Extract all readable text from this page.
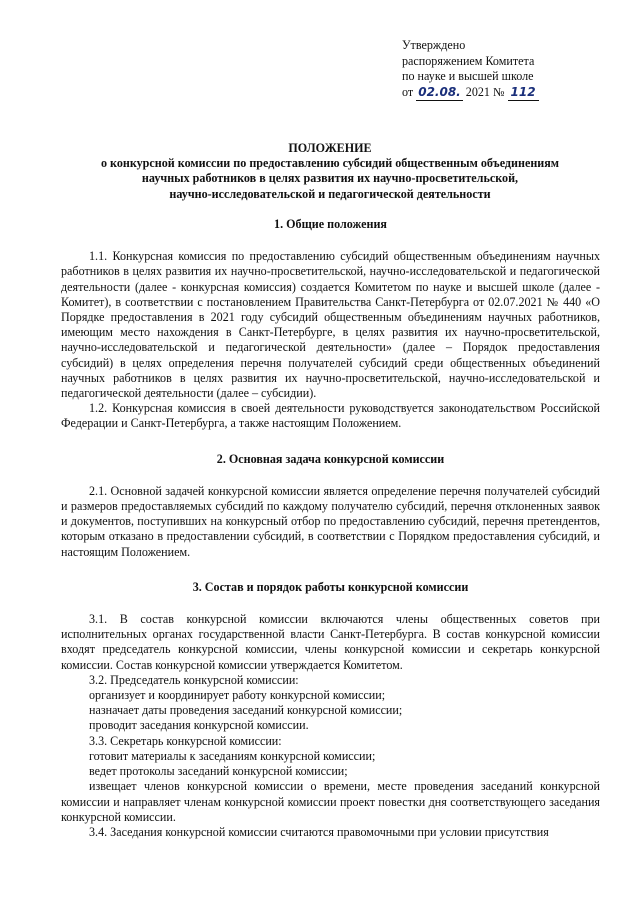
Утверждено
распоряжением Комитета
по науке и высшей школе
от 02.08. 2021 № 112
ПОЛОЖЕНИЕ
о конкурсной комиссии по предоставлению субсидий общественным объединениям
научных работников в целях развития их научно-просветительской,
научно-исследовательской и педагогической деятельности
1. Общие положения

1.1. Конкурсная комиссия по предоставлению субсидий общественным объединениям научных работников в целях развития их научно-просветительской, научно-исследовательской и педагогической деятельности (далее - конкурсная комиссия) создается Комитетом по науке и высшей школе (далее - Комитет), в соответствии с постановлением Правительства Санкт-Петербурга от 02.07.2021 № 440 «О Порядке предоставления в 2021 году субсидий общественным объединениям научных работников, имеющим место нахождения в Санкт-Петербурге, в целях развития их научно-просветительской, научно-исследовательской и педагогической деятельности» (далее – Порядок предоставления субсидий) в целях определения перечня получателей субсидий среди общественных объединений научных работников в целях развития их научно-просветительской, научно-исследовательской и педагогической деятельности (далее – субсидии).

1.2. Конкурсная комиссия в своей деятельности руководствуется законодательством Российской Федерации и Санкт-Петербурга, а также настоящим Положением.

2. Основная задача конкурсной комиссии

2.1. Основной задачей конкурсной комиссии является определение перечня получателей субсидий и размеров предоставляемых субсидий по каждому получателю субсидий, перечня отклоненных заявок и документов, поступивших на конкурсный отбор по предоставлению субсидий, перечня претендентов, которым отказано в предоставлении субсидий, в соответствии с Порядком предоставления субсидий, и настоящим Положением.

3. Состав и порядок работы конкурсной комиссии

3.1. В состав конкурсной комиссии включаются члены общественных советов при исполнительных органах государственной власти Санкт-Петербурга. В состав конкурсной комиссии входят председатель конкурсной комиссии, члены конкурсной комиссии и секретарь конкурсной комиссии. Состав конкурсной комиссии утверждается Комитетом.

3.2. Председатель конкурсной комиссии:

организует и координирует работу конкурсной комиссии;

назначает даты проведения заседаний конкурсной комиссии;

проводит заседания конкурсной комиссии.

3.3. Секретарь конкурсной комиссии:

готовит материалы к заседаниям конкурсной комиссии;

ведет протоколы заседаний конкурсной комиссии;

извещает членов конкурсной комиссии о времени, месте проведения заседаний конкурсной комиссии и направляет членам конкурсной комиссии проект повестки дня соответствующего заседания конкурсной комиссии.

3.4. Заседания конкурсной комиссии считаются правомочными при условии присутствия
